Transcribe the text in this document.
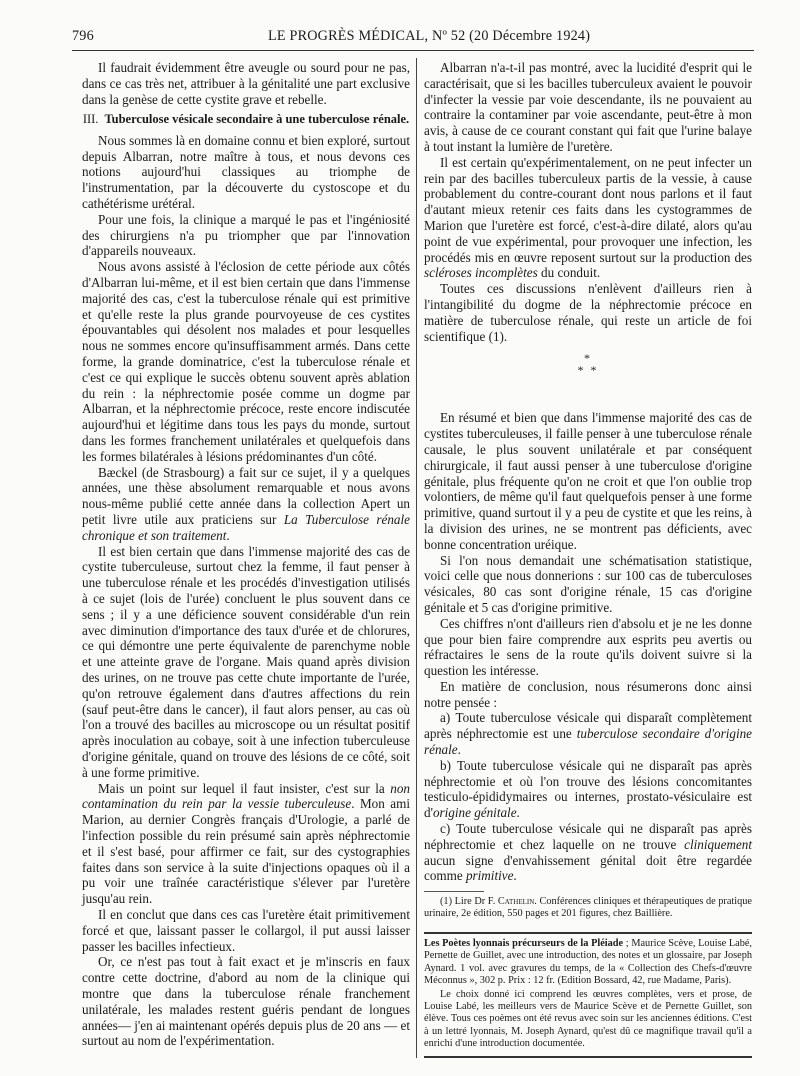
796	LE PROGRÈS MÉDICAL, Nº 52 (20 Décembre 1924)

Il faudrait évidemment être aveugle ou sourd pour ne pas, dans ce cas très net, attribuer à la génitalité une part exclusive dans la genèse de cette cystite grave et rebelle.

III. Tuberculose vésicale secondaire à une tuberculose rénale.

Nous sommes là en domaine connu et bien exploré, surtout depuis Albarran, notre maître à tous, et nous devons ces notions aujourd'hui classiques au triomphe de l'instrumentation, par la découverte du cystoscope et du cathétérisme urétéral.

Pour une fois, la clinique a marqué le pas et l'ingéniosité des chirurgiens n'a pu triompher que par l'innovation d'appareils nouveaux.

Nous avons assisté à l'éclosion de cette période aux côtés d'Albarran lui-même, et il est bien certain que dans l'immense majorité des cas, c'est la tuberculose rénale qui est primitive et qu'elle reste la plus grande pourvoyeuse de ces cystites épouvantables qui désolent nos malades et pour lesquelles nous ne sommes encore qu'insuffisamment armés. Dans cette forme, la grande dominatrice, c'est la tuberculose rénale et c'est ce qui explique le succès obtenu souvent après ablation du rein : la néphrectomie posée comme un dogme par Albarran, et la néphrectomie précoce, reste encore indiscutée aujourd'hui et légitime dans tous les pays du monde, surtout dans les formes franchement unilatérales et quelquefois dans les formes bilatérales à lésions prédominantes d'un côté.

Bæckel (de Strasbourg) a fait sur ce sujet, il y a quelques années, une thèse absolument remarquable et nous avons nous-même publié cette année dans la collection Apert un petit livre utile aux praticiens sur La Tuberculose rénale chronique et son traitement.

Il est bien certain que dans l'immense majorité des cas de cystite tuberculeuse, surtout chez la femme, il faut penser à une tuberculose rénale et les procédés d'investigation utilisés à ce sujet (lois de l'urée) concluent le plus souvent dans ce sens ; il y a une déficience souvent considérable d'un rein avec diminution d'importance des taux d'urée et de chlorures, ce qui démontre une perte équivalente de parenchyme noble et une atteinte grave de l'organe. Mais quand après division des urines, on ne trouve pas cette chute importante de l'urée, qu'on retrouve également dans d'autres affections du rein (sauf peut-être dans le cancer), il faut alors penser, au cas où l'on a trouvé des bacilles au microscope ou un résultat positif après inoculation au cobaye, soit à une infection tuberculeuse d'origine génitale, quand on trouve des lésions de ce côté, soit à une forme primitive.

Mais un point sur lequel il faut insister, c'est sur la non contamination du rein par la vessie tuberculeuse. Mon ami Marion, au dernier Congrès français d'Urologie, a parlé de l'infection possible du rein présumé sain après néphrectomie et il s'est basé, pour affirmer ce fait, sur des cystographies faites dans son service à la suite d'injections opaques où il a pu voir une traînée caractéristique s'élever par l'uretère jusqu'au rein.

Il en conclut que dans ces cas l'uretère était primitivement forcé et que, laissant passer le collargol, il put aussi laisser passer les bacilles infectieux.

Or, ce n'est pas tout à fait exact et je m'inscris en faux contre cette doctrine, d'abord au nom de la clinique qui montre que dans la tuberculose rénale franchement unilatérale, les malades restent guéris pendant de longues années— j'en ai maintenant opérés depuis plus de 20 ans — et surtout au nom de l'expérimentation.

Albarran n'a-t-il pas montré, avec la lucidité d'esprit qui le caractérisait, que si les bacilles tuberculeux avaient le pouvoir d'infecter la vessie par voie descendante, ils ne pouvaient au contraire la contaminer par voie ascendante, peut-être à mon avis, à cause de ce courant constant qui fait que l'urine balaye à tout instant la lumière de l'uretère.

Il est certain qu'expérimentalement, on ne peut infecter un rein par des bacilles tuberculeux partis de la vessie, à cause probablement du contre-courant dont nous parlons et il faut d'autant mieux retenir ces faits dans les cystogrammes de Marion que l'uretère est forcé, c'est-à-dire dilaté, alors qu'au point de vue expérimental, pour provoquer une infection, les procédés mis en œuvre reposent surtout sur la production des scléroses incomplètes du conduit.

Toutes ces discussions n'enlèvent d'ailleurs rien à l'intangibilité du dogme de la néphrectomie précoce en matière de tuberculose rénale, qui reste un article de foi scientifique (1).

*
* *

En résumé et bien que dans l'immense majorité des cas de cystites tuberculeuses, il faille penser à une tuberculose rénale causale, le plus souvent unilatérale et par conséquent chirurgicale, il faut aussi penser à une tuberculose d'origine génitale, plus fréquente qu'on ne croit et que l'on oublie trop volontiers, de même qu'il faut quelquefois penser à une forme primitive, quand surtout il y a peu de cystite et que les reins, à la division des urines, ne se montrent pas déficients, avec bonne concentration uréique.

Si l'on nous demandait une schématisation statistique, voici celle que nous donnerions : sur 100 cas de tuberculoses vésicales, 80 cas sont d'origine rénale, 15 cas d'origine génitale et 5 cas d'origine primitive.

Ces chiffres n'ont d'ailleurs rien d'absolu et je ne les donne que pour bien faire comprendre aux esprits peu avertis ou réfractaires le sens de la route qu'ils doivent suivre si la question les intéresse.

En matière de conclusion, nous résumerons donc ainsi notre pensée :

a) Toute tuberculose vésicale qui disparaît complètement après néphrectomie est une tuberculose secondaire d'origine rénale.

b) Toute tuberculose vésicale qui ne disparaît pas après néphrectomie et où l'on trouve des lésions concomitantes testiculo-épididymaires ou internes, prostato-vésiculaire est d'origine génitale.

c) Toute tuberculose vésicale qui ne disparaît pas après néphrectomie et chez laquelle on ne trouve cliniquement aucun signe d'envahissement génital doit être regardée comme primitive.

(1) Lire Dr F. Cathelin. Conférences cliniques et thérapeutiques de pratique urinaire, 2e édition, 550 pages et 201 figures, chez Baillière.

Les Poètes lyonnais précurseurs de la Pléiade ; Maurice Scève, Louise Labé, Pernette de Guillet, avec une introduction, des notes et un glossaire, par Joseph Aynard. 1 vol. avec gravures du temps, de la « Collection des Chefs-d'œuvre Méconnus », 302 p. Prix : 12 fr. (Edition Bossard, 42, rue Madame, Paris).

Le choix donné ici comprend les œuvres complètes, vers et prose, de Louise Labé, les meilleurs vers de Maurice Scève et de Pernette Guillet, son élève. Tous ces poèmes ont été revus avec soin sur les anciennes éditions. C'est à un lettré lyonnais, M. Joseph Aynard, qu'est dû ce magnifique travail qu'il a enrichi d'une introduction documentée.
